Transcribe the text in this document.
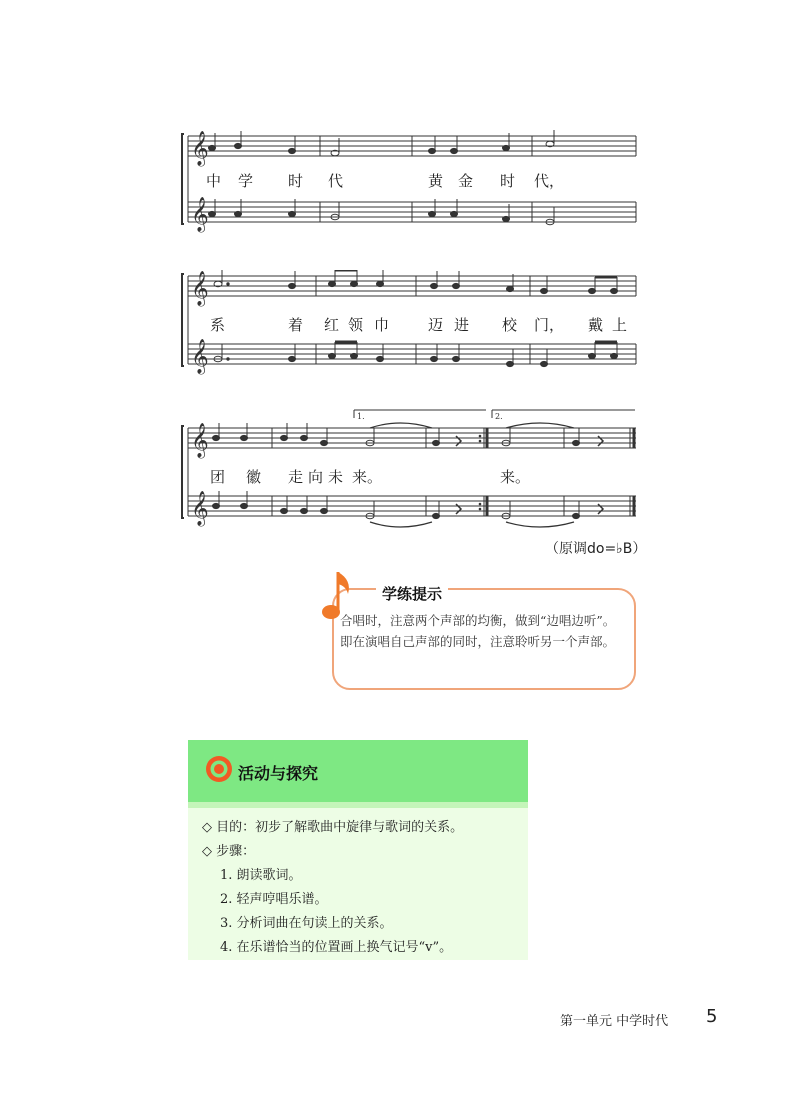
𝄞
𝄞
中 学 时 代	黄 金 时 代，
𝄞
𝄞
系	着 红 领 巾	迈 进 校 门， 戴 上
1.	2.
𝄞
𝄞
团 徽 走 向 未 来。	来。
（原调do=♭B）
学练提示
合唱时，注意两个声部的均衡，做到“边唱边听”。即在演唱自己声部的同时，注意聆听另一个声部。
活动与探究
◇ 目的：初步了解歌曲中旋律与歌词的关系。
◇ 步骤：
1. 朗读歌词。
2. 轻声哼唱乐谱。
3. 分析词曲在句读上的关系。
4. 在乐谱恰当的位置画上换气记号“v”。
第一单元 中学时代 5
